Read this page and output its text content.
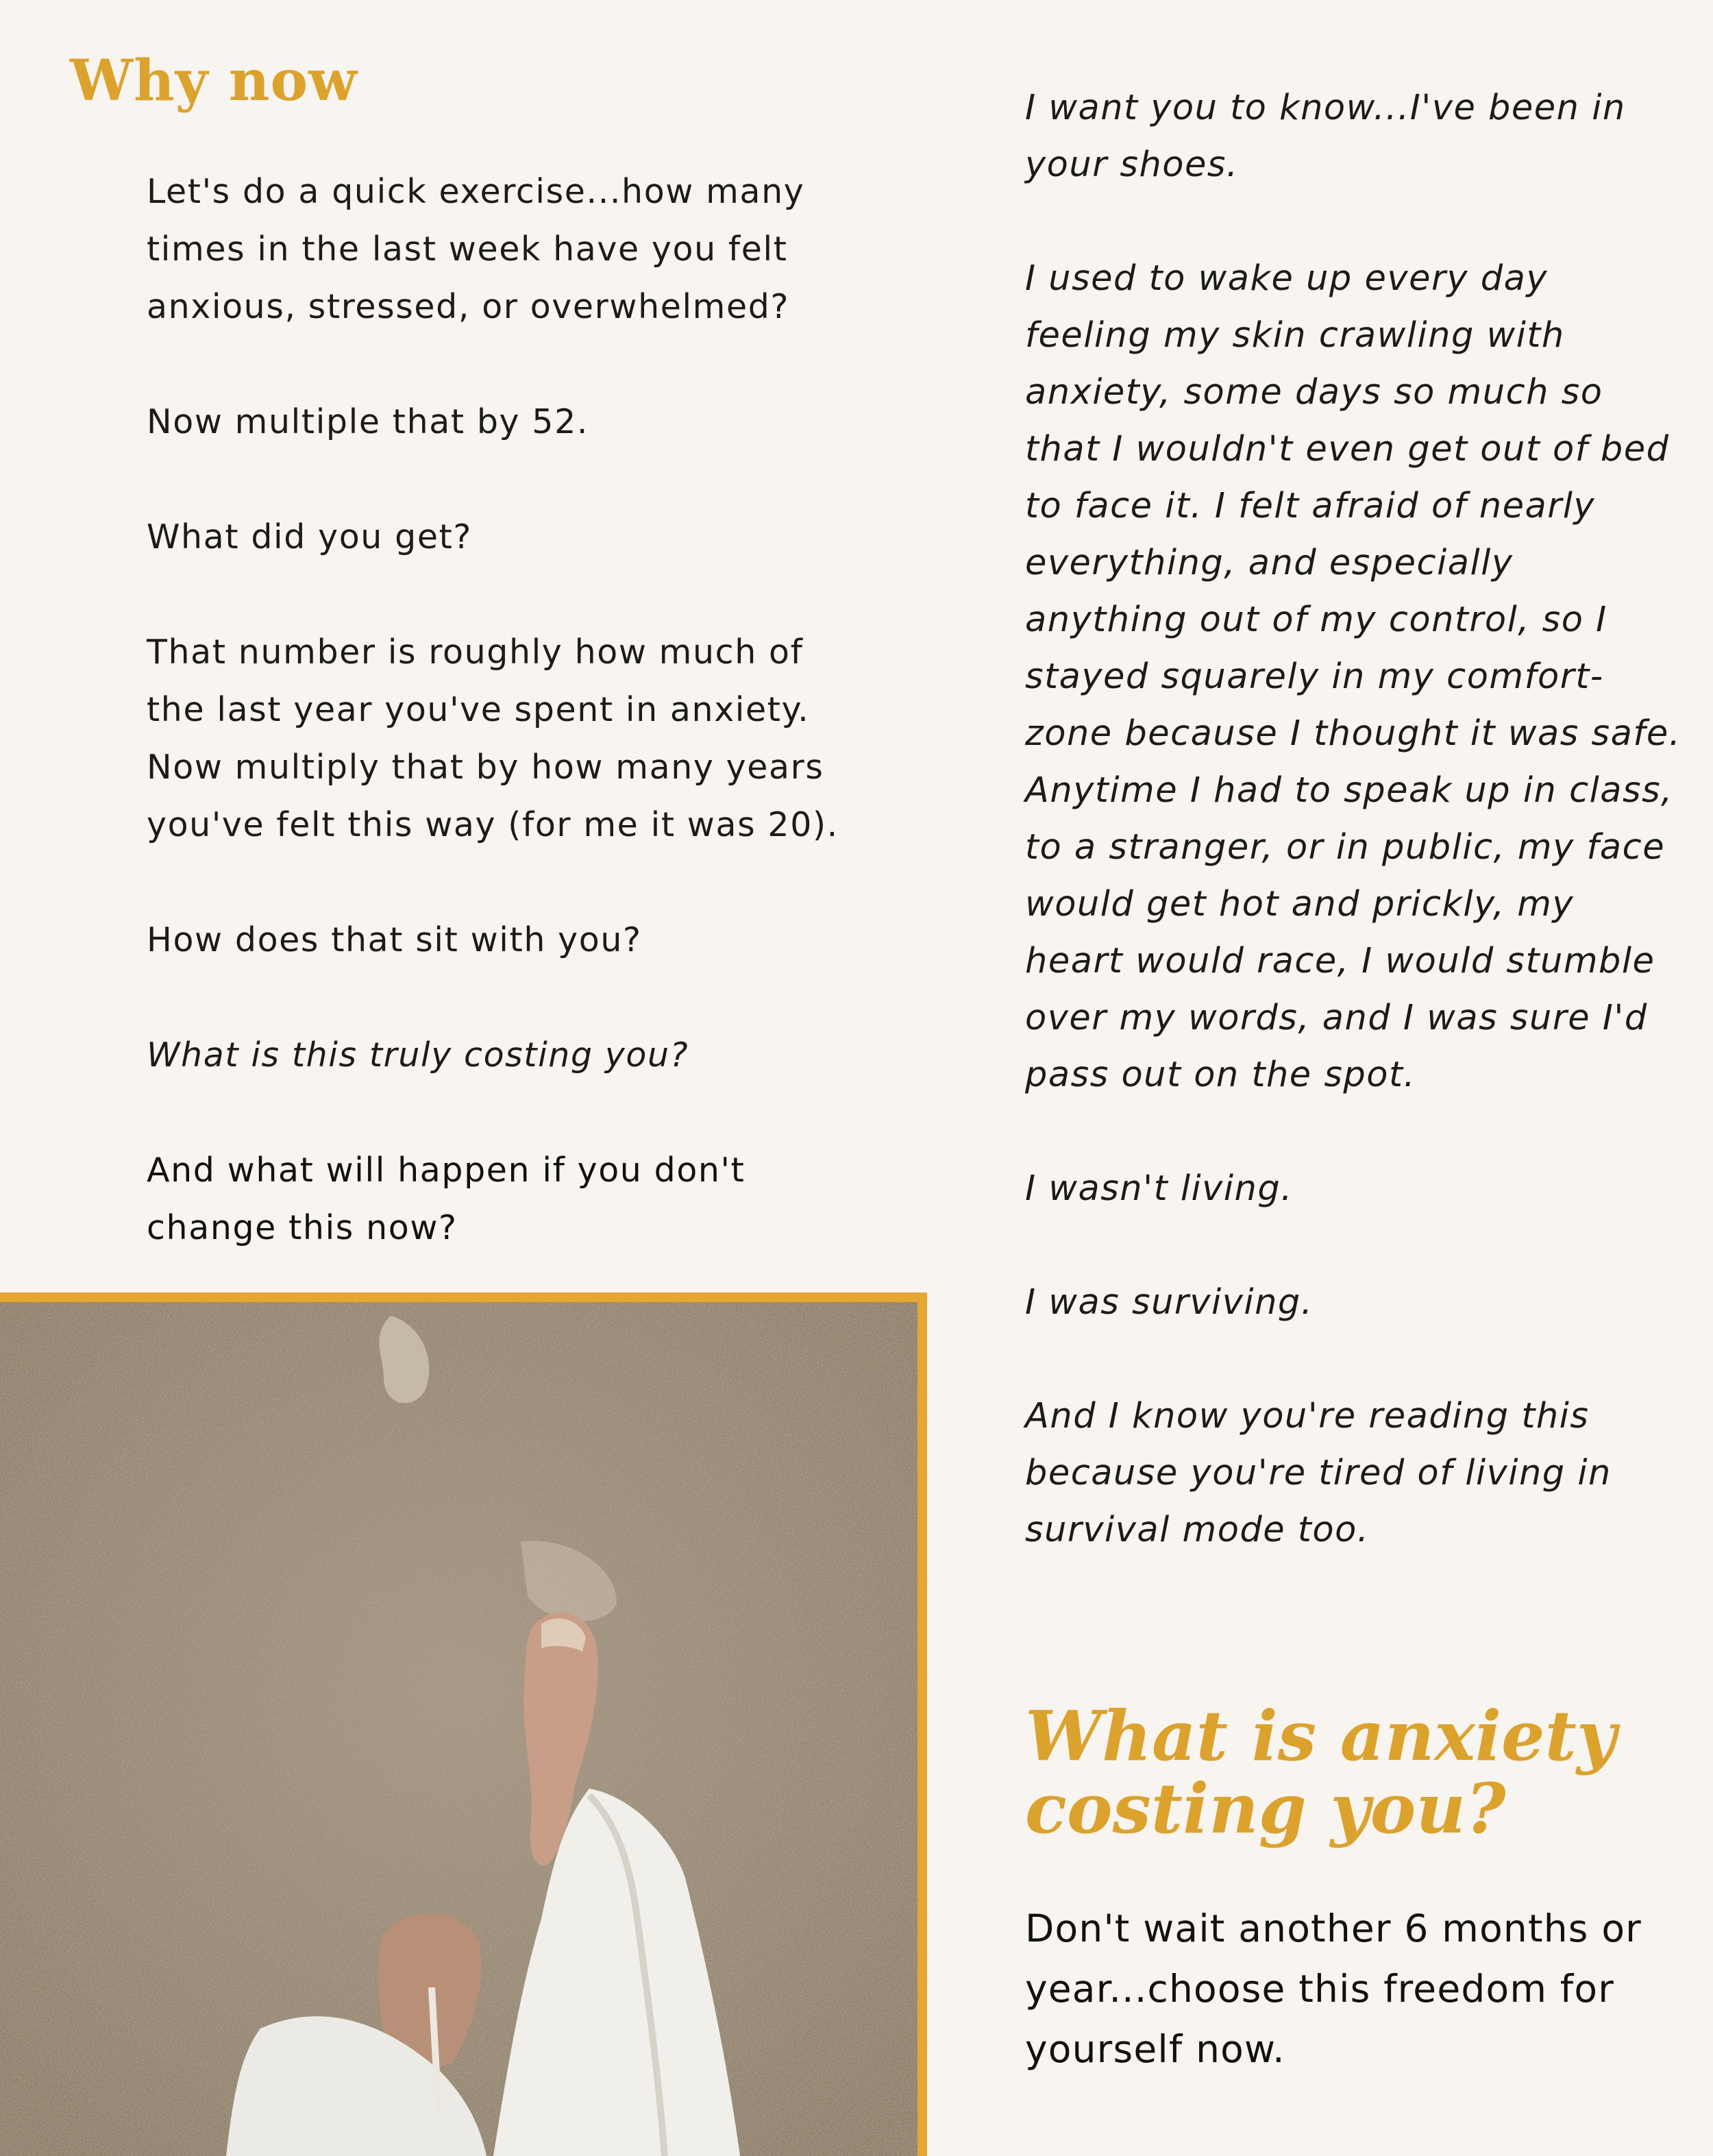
Why now

Let's do a quick exercise...how many times in the last week have you felt anxious, stressed, or overwhelmed?

Now multiple that by 52.

What did you get?

That number is roughly how much of the last year you've spent in anxiety. Now multiply that by how many years you've felt this way (for me it was 20).

How does that sit with you?

What is this truly costing you?

And what will happen if you don't change this now?

I want you to know...I've been in your shoes.

I used to wake up every day feeling my skin crawling with anxiety, some days so much so that I wouldn't even get out of bed to face it. I felt afraid of nearly everything, and especially anything out of my control, so I stayed squarely in my comfort-zone because I thought it was safe. Anytime I had to speak up in class, to a stranger, or in public, my face would get hot and prickly, my heart would race, I would stumble over my words, and I was sure I'd pass out on the spot.

I wasn't living.

I was surviving.

And I know you're reading this because you're tired of living in survival mode too.

What is anxiety costing you?

Don't wait another 6 months or year...choose this freedom for yourself now.
